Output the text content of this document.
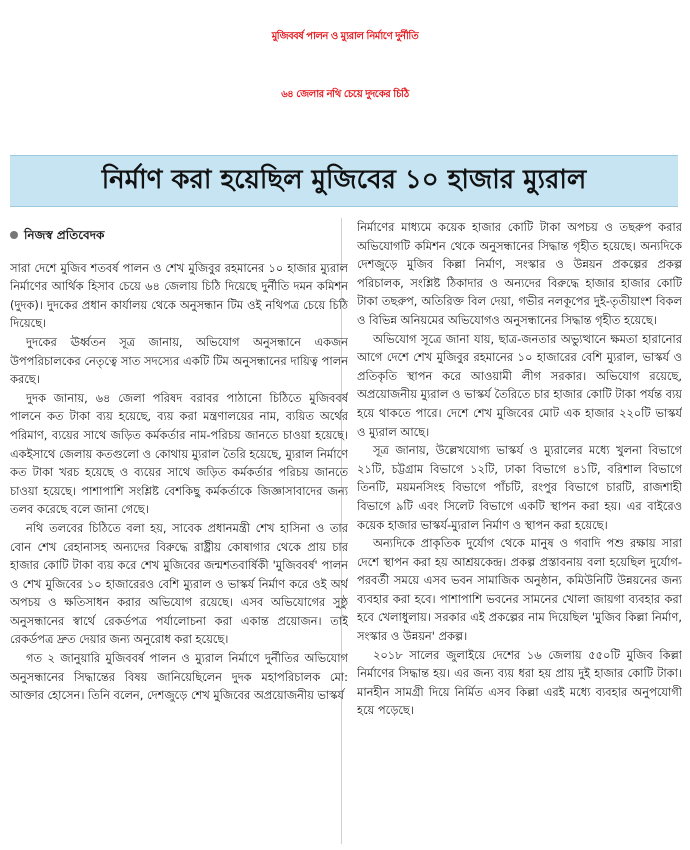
মুজিববর্ষ পালন ও ম্যুরাল নির্মাণে দুর্নীতি
৬৪ জেলার নথি চেয়ে দুদকের চিঠি
নির্মাণ করা হয়েছিল মুজিবের ১০ হাজার ম্যুরাল
নিজস্ব প্রতিবেদক

সারা দেশে মুজিব শতবর্ষ পালন ও শেখ মুজিবুর রহমানের ১০ হাজার ম্যুরাল নির্মাণের আর্থিক হিসাব চেয়ে ৬৪ জেলায় চিঠি দিয়েছে দুর্নীতি দমন কমিশন (দুদক)। দুদকের প্রধান কার্যালয় থেকে অনুসন্ধান টিম ওই নথিপত্র চেয়ে চিঠি দিয়েছে।

দুদকের ঊর্ধ্বতন সূত্র জানায়, অভিযোগ অনুসন্ধানে একজন উপপরিচালকের নেতৃত্বে সাত সদস্যের একটি টিম অনুসন্ধানের দায়িত্ব পালন করছে।

দুদক জানায়, ৬৪ জেলা পরিষদ বরাবর পাঠানো চিঠিতে মুজিববর্ষ পালনে কত টাকা ব্যয় হয়েছে, ব্যয় করা মন্ত্রণালয়ের নাম, ব্যয়িত অর্থের পরিমাণ, ব্যয়ের সাথে জড়িত কর্মকর্তার নাম-পরিচয় জানতে চাওয়া হয়েছে। একইসাথে জেলায় কতগুলো ও কোথায় ম্যুরাল তৈরি হয়েছে, ম্যুরাল নির্মাণে কত টাকা খরচ হয়েছে ও ব্যয়ের সাথে জড়িত কর্মকর্তার পরিচয় জানতে চাওয়া হয়েছে। পাশাপাশি সংশ্লিষ্ট বেশকিছু কর্মকর্তাকে জিজ্ঞাসাবাদের জন্য তলব করেছে বলে জানা গেছে।

নথি তলবের চিঠিতে বলা হয়, সাবেক প্রধানমন্ত্রী শেখ হাসিনা ও তার বোন শেখ রেহানাসহ অন্যদের বিরুদ্ধে রাষ্ট্রীয় কোষাগার থেকে প্রায় চার হাজার কোটি টাকা ব্যয় করে শেখ মুজিবের জন্মশতবার্ষিকী 'মুজিববর্ষ' পালন ও শেখ মুজিবের ১০ হাজারেরও বেশি ম্যুরাল ও ভাস্কর্য নির্মাণ করে ওই অর্থ অপচয় ও ক্ষতিসাধন করার অভিযোগ রয়েছে। এসব অভিযোগের সুষ্ঠু অনুসন্ধানের স্বার্থে রেকর্ডপত্র পর্যালোচনা করা একান্ত প্রয়োজন। তাই রেকর্ডপত্র দ্রুত দেয়ার জন্য অনুরোধ করা হয়েছে।

গত ২ জানুয়ারি মুজিববর্ষ পালন ও ম্যুরাল নির্মাণে দুর্নীতির অভিযোগ অনুসন্ধানের সিদ্ধান্তের বিষয় জানিয়েছিলেন দুদক মহাপরিচালক মো: আক্তার হোসেন। তিনি বলেন, দেশজুড়ে শেখ মুজিবের অপ্রয়োজনীয় ভাস্কর্য

নির্মাণের মাধ্যমে কয়েক হাজার কোটি টাকা অপচয় ও তছরুপ করার অভিযোগটি কমিশন থেকে অনুসন্ধানের সিদ্ধান্ত গৃহীত হয়েছে। অন্যদিকে দেশজুড়ে মুজিব কিল্লা নির্মাণ, সংস্কার ও উন্নয়ন প্রকল্পের প্রকল্প পরিচালক, সংশ্লিষ্ট ঠিকাদার ও অন্যদের বিরুদ্ধে হাজার হাজার কোটি টাকা তছরুপ, অতিরিক্ত বিল দেয়া, গভীর নলকূপের দুই-তৃতীয়াংশ বিকল ও বিভিন্ন অনিয়মের অভিযোগও অনুসন্ধানের সিদ্ধান্ত গৃহীত হয়েছে।

অভিযোগ সূত্রে জানা যায়, ছাত্র-জনতার অভ্যুত্থানে ক্ষমতা হারানোর আগে দেশে শেখ মুজিবুর রহমানের ১০ হাজারের বেশি ম্যুরাল, ভাস্কর্য ও প্রতিকৃতি স্থাপন করে আওয়ামী লীগ সরকার। অভিযোগ রয়েছে, অপ্রয়োজনীয় ম্যুরাল ও ভাস্কর্য তৈরিতে চার হাজার কোটি টাকা পর্যন্ত ব্যয় হয়ে থাকতে পারে। দেশে শেখ মুজিবের মোট এক হাজার ২২০টি ভাস্কর্য ও ম্যুরাল আছে।

সূত্র জানায়, উল্লেখযোগ্য ভাস্কর্য ও ম্যুরালের মধ্যে খুলনা বিভাগে ২১টি, চট্টগ্রাম বিভাগে ১২টি, ঢাকা বিভাগে ৪১টি, বরিশাল বিভাগে তিনটি, ময়মনসিংহ বিভাগে পাঁচটি, রংপুর বিভাগে চারটি, রাজশাহী বিভাগে ৯টি এবং সিলেট বিভাগে একটি স্থাপন করা হয়। এর বাইরেও কয়েক হাজার ভাস্কর্য-ম্যুরাল নির্মাণ ও স্থাপন করা হয়েছে।

অন্যদিকে প্রাকৃতিক দুর্যোগ থেকে মানুষ ও গবাদি পশু রক্ষায় সারা দেশে স্থাপন করা হয় আশ্রয়কেন্দ্র। প্রকল্প প্রস্তাবনায় বলা হয়েছিল দুর্যোগ-পরবর্তী সময়ে এসব ভবন সামাজিক অনুষ্ঠান, কমিউনিটি উন্নয়নের জন্য ব্যবহার করা হবে। পাশাপাশি ভবনের সামনের খোলা জায়গা ব্যবহার করা হবে খেলাধুলায়। সরকার এই প্রকল্পের নাম দিয়েছিল 'মুজিব কিল্লা নির্মাণ, সংস্কার ও উন্নয়ন' প্রকল্প।

২০১৮ সালের জুলাইয়ে দেশের ১৬ জেলায় ৫৫০টি মুজিব কিল্লা নির্মাণের সিদ্ধান্ত হয়। এর জন্য ব্যয় ধরা হয় প্রায় দুই হাজার কোটি টাকা। মানহীন সামগ্রী দিয়ে নির্মিত এসব কিল্লা এরই মধ্যে ব্যবহার অনুপযোগী হয়ে পড়েছে।
